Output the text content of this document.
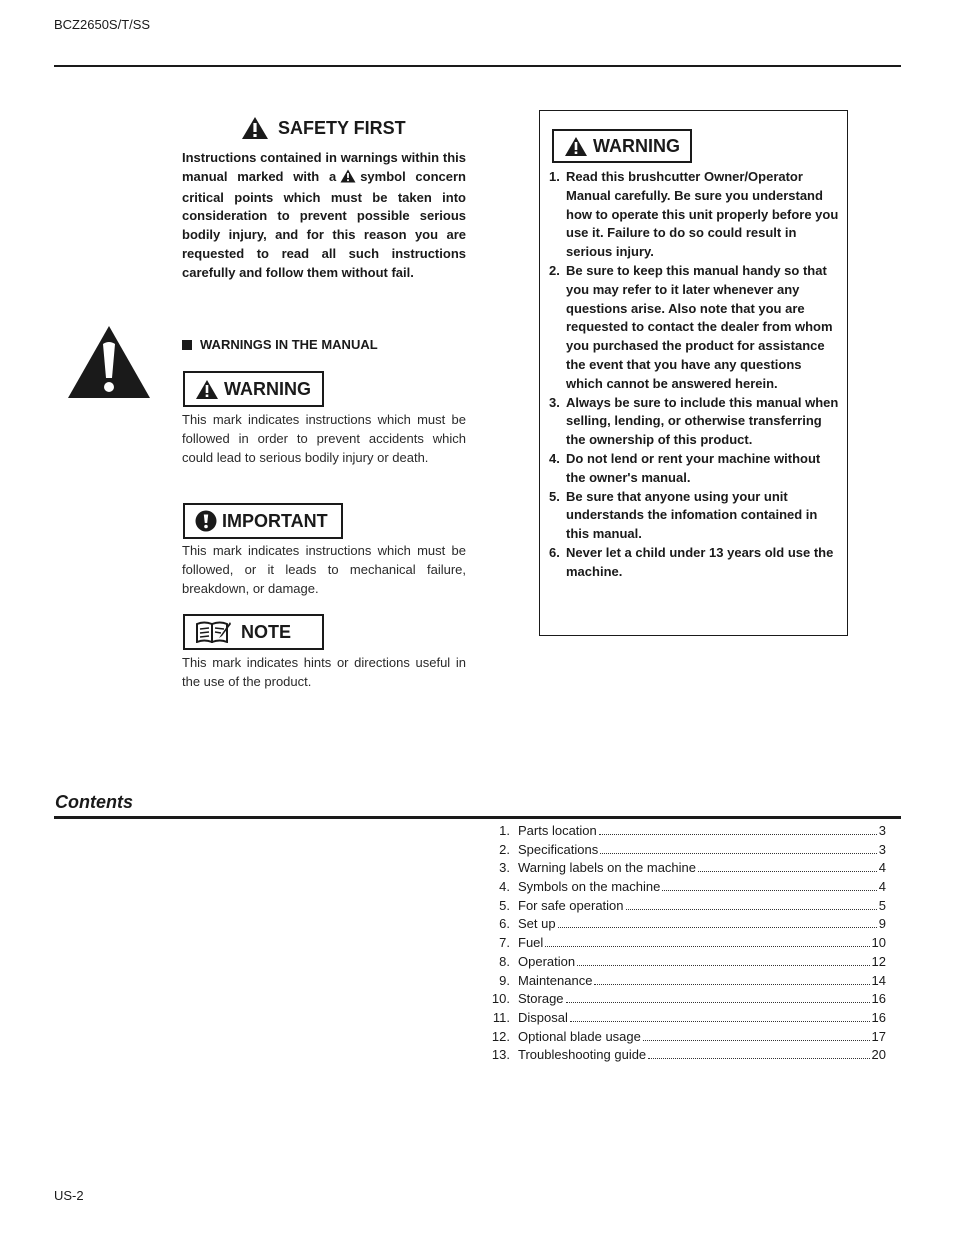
BCZ2650S/T/SS
SAFETY FIRST
Instructions contained in warnings within this manual marked with a symbol concern critical points which must be taken into consideration to prevent possible serious bodily injury, and for this reason you are requested to read all such instructions carefully and follow them without fail.
WARNINGS IN THE MANUAL
WARNING
This mark indicates instructions which must be followed in order to prevent accidents which could lead to serious bodily injury or death.
IMPORTANT
This mark indicates instructions which must be followed, or it leads to mechanical failure, breakdown, or damage.
NOTE
This mark indicates hints or directions useful in the use of the product.
WARNING
1. Read this brushcutter Owner/Operator Manual carefully. Be sure you understand how to operate this unit properly before you use it. Failure to do so could result in serious injury.
2. Be sure to keep this manual handy so that you may refer to it later whenever any questions arise. Also note that you are requested to contact the dealer from whom you purchased the product for assistance the event that you have any questions which cannot be answered herein.
3. Always be sure to include this manual when selling, lending, or otherwise transferring the ownership of this product.
4. Do not lend or rent your machine without the owner's manual.
5. Be sure that anyone using your unit understands the infomation contained in this manual.
6. Never let a child under 13 years old use the machine.
Contents
1. Parts location	3
2. Specifications	3
3. Warning labels on the machine	4
4. Symbols on the machine	4
5. For safe operation	5
6. Set up	9
7. Fuel	10
8. Operation	12
9. Maintenance	14
10. Storage	16
11. Disposal	16
12. Optional blade usage	17
13. Troubleshooting guide	20
US-2
